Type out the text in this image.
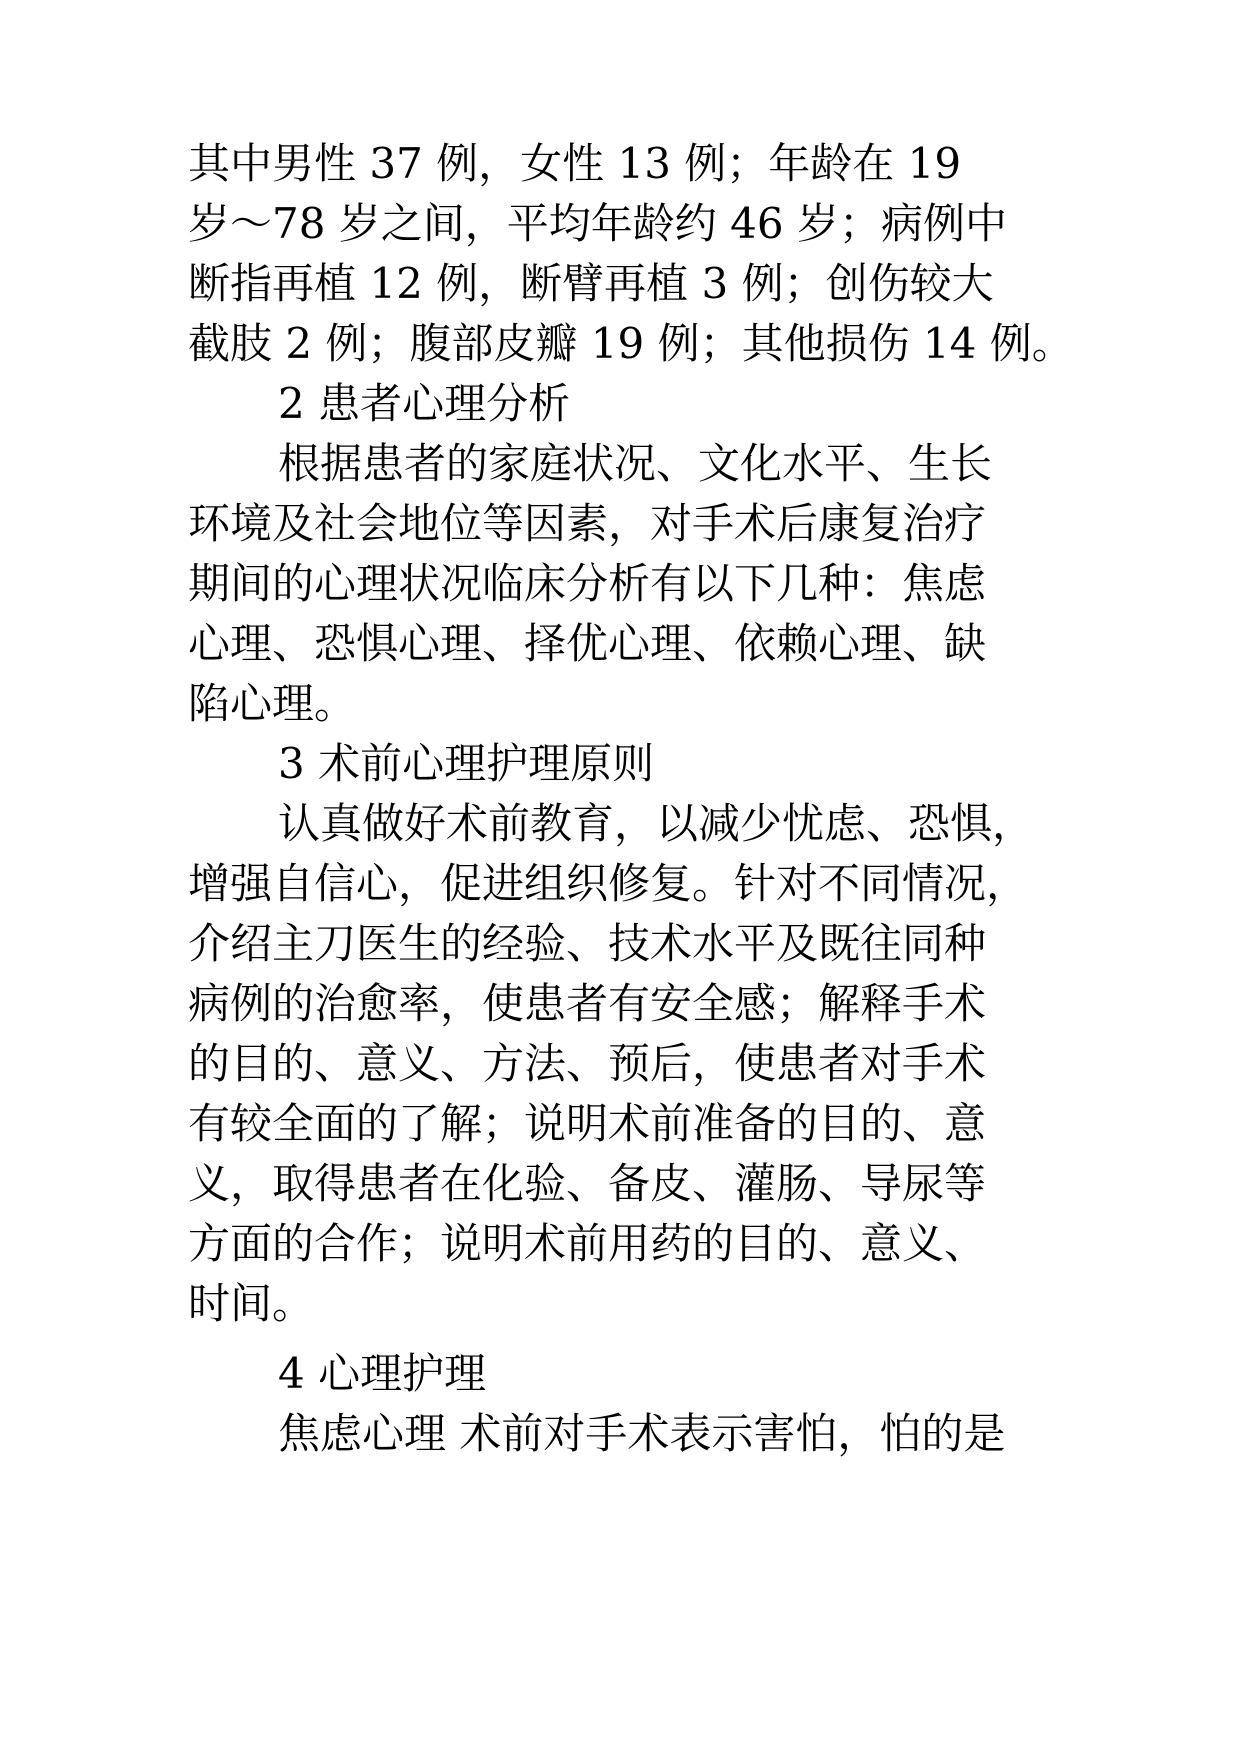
其中男性 37 例，女性 13 例；年龄在 19
岁～78 岁之间，平均年龄约 46 岁；病例中
断指再植 12 例，断臂再植 3 例；创伤较大
截肢 2 例；腹部皮瓣 19 例；其他损伤 14 例。
2 患者心理分析
根据患者的家庭状况、文化水平、生长
环境及社会地位等因素，对手术后康复治疗
期间的心理状况临床分析有以下几种：焦虑
心理、恐惧心理、择优心理、依赖心理、缺
陷心理。
3 术前心理护理原则
认真做好术前教育，以减少忧虑、恐惧，
增强自信心，促进组织修复。针对不同情况，
介绍主刀医生的经验、技术水平及既往同种
病例的治愈率，使患者有安全感；解释手术
的目的、意义、方法、预后，使患者对手术
有较全面的了解；说明术前准备的目的、意
义，取得患者在化验、备皮、灌肠、导尿等
方面的合作；说明术前用药的目的、意义、
时间。
4 心理护理
焦虑心理 术前对手术表示害怕，怕的是
